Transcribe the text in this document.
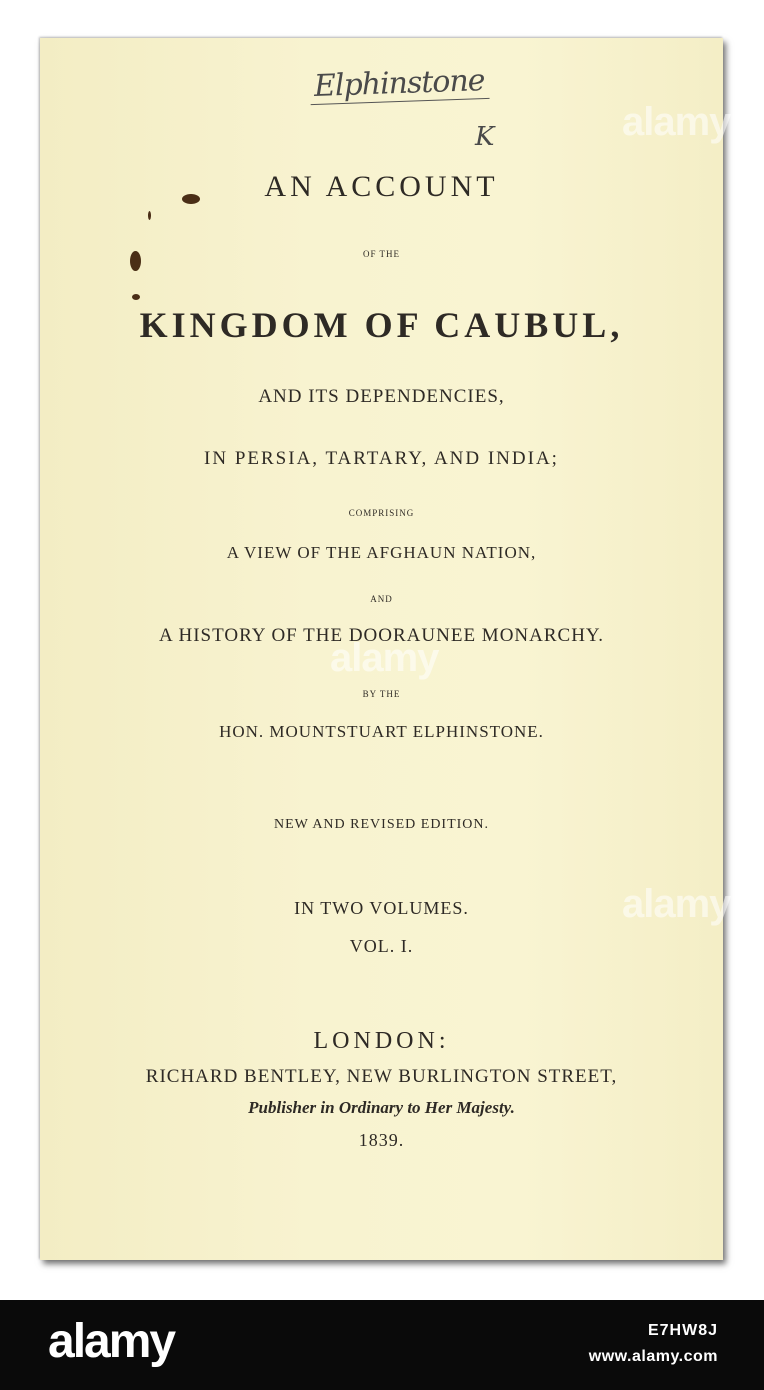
Elphinstone
K
AN ACCOUNT
OF THE
KINGDOM OF CAUBUL,
AND ITS DEPENDENCIES,
IN PERSIA, TARTARY, AND INDIA;
COMPRISING
A VIEW OF THE AFGHAUN NATION,
AND
A HISTORY OF THE DOORAUNEE MONARCHY.
BY THE
HON. MOUNTSTUART ELPHINSTONE.
NEW AND REVISED EDITION.
IN TWO VOLUMES.
VOL. I.
LONDON:
RICHARD BENTLEY, NEW BURLINGTON STREET,
Publisher in Ordinary to Her Majesty.
1839.
alamy
alamy
alamy
alamy	E7HW8J
www.alamy.com
